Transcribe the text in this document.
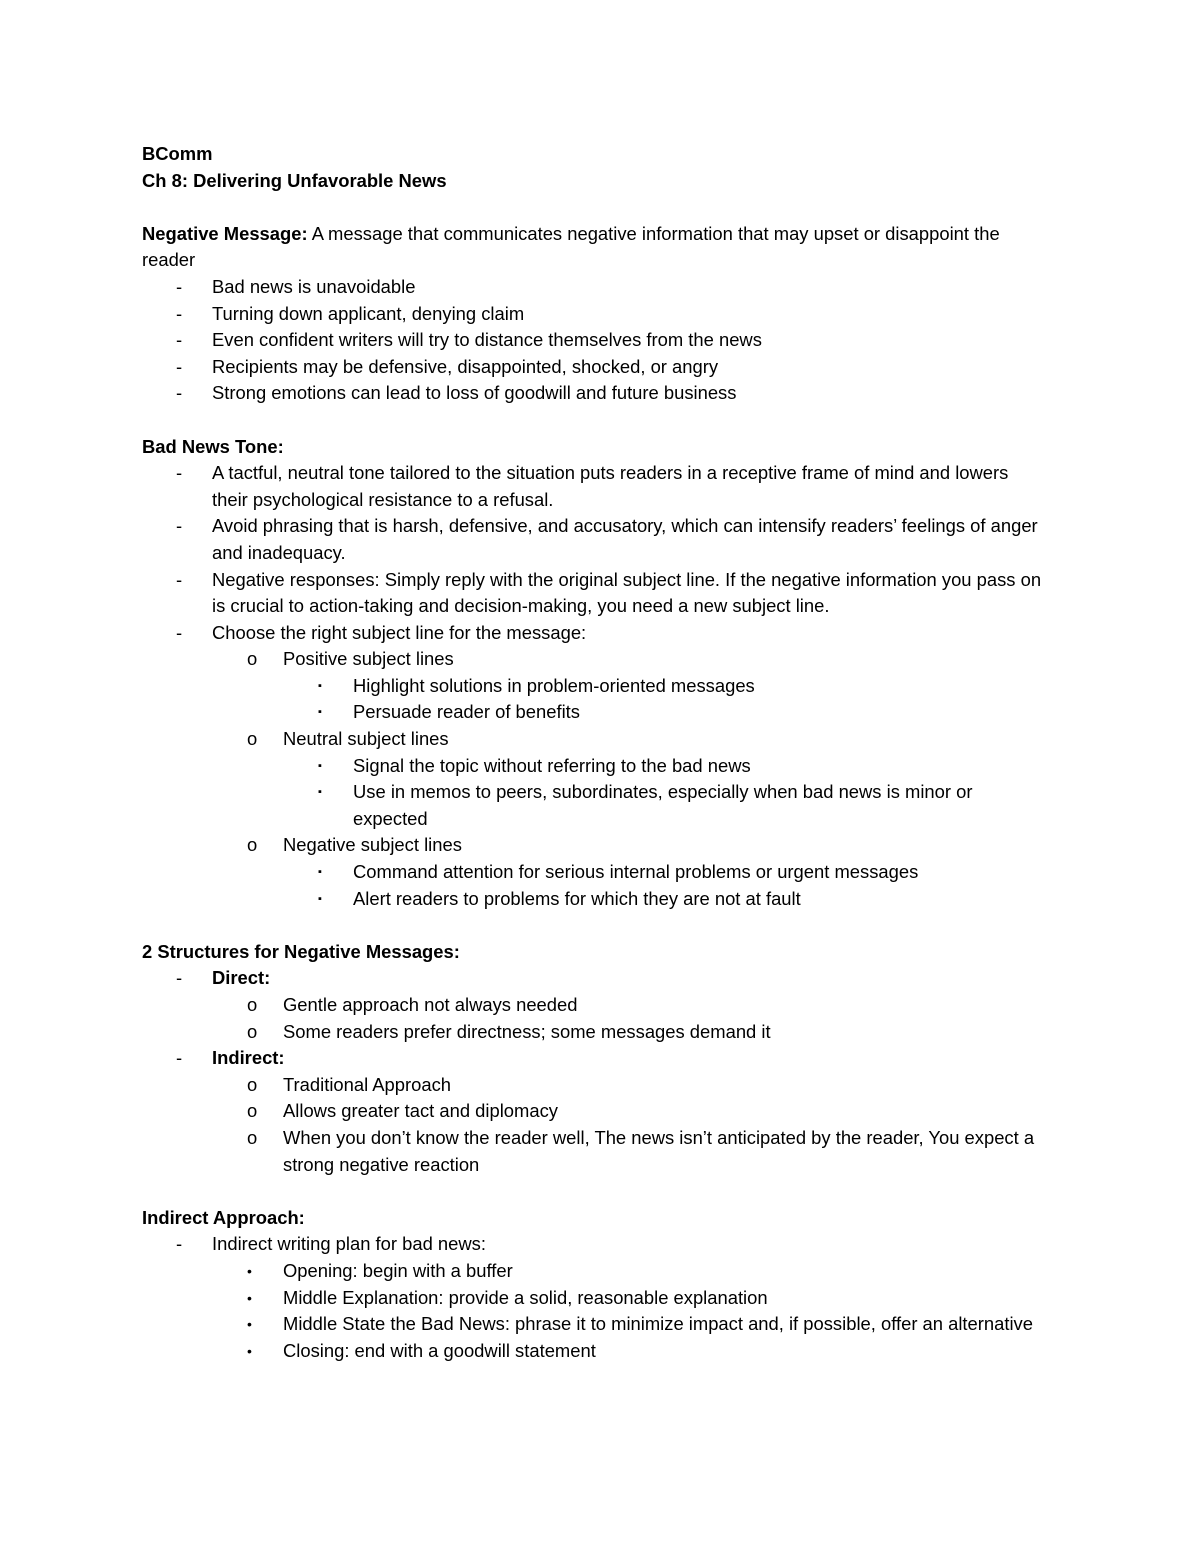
BComm
Ch 8: Delivering Unfavorable News
Negative Message: A message that communicates negative information that may upset or disappoint the reader
-	Bad news is unavoidable
-	Turning down applicant, denying claim
-	Even confident writers will try to distance themselves from the news
-	Recipients may be defensive, disappointed, shocked, or angry
-	Strong emotions can lead to loss of goodwill and future business
Bad News Tone:
-	A tactful, neutral tone tailored to the situation puts readers in a receptive frame of mind and lowers their psychological resistance to a refusal.
-	Avoid phrasing that is harsh, defensive, and accusatory, which can intensify readers’ feelings of anger and inadequacy.
-	Negative responses: Simply reply with the original subject line. If the negative information you pass on is crucial to action-taking and decision-making, you need a new subject line.
-	Choose the right subject line for the message:
o	Positive subject lines
▪	Highlight solutions in problem-oriented messages
▪	Persuade reader of benefits
o	Neutral subject lines
▪	Signal the topic without referring to the bad news
▪	Use in memos to peers, subordinates, especially when bad news is minor or expected
o	Negative subject lines
▪	Command attention for serious internal problems or urgent messages
▪	Alert readers to problems for which they are not at fault
2 Structures for Negative Messages:
-	Direct:
o	Gentle approach not always needed
o	Some readers prefer directness; some messages demand it
-	Indirect:
o	Traditional Approach
o	Allows greater tact and diplomacy
o	When you don’t know the reader well, The news isn’t anticipated by the reader, You expect a strong negative reaction
Indirect Approach:
-	Indirect writing plan for bad news:
•	Opening: begin with a buffer
•	Middle Explanation: provide a solid, reasonable explanation
•	Middle State the Bad News: phrase it to minimize impact and, if possible, offer an alternative
•	Closing: end with a goodwill statement
